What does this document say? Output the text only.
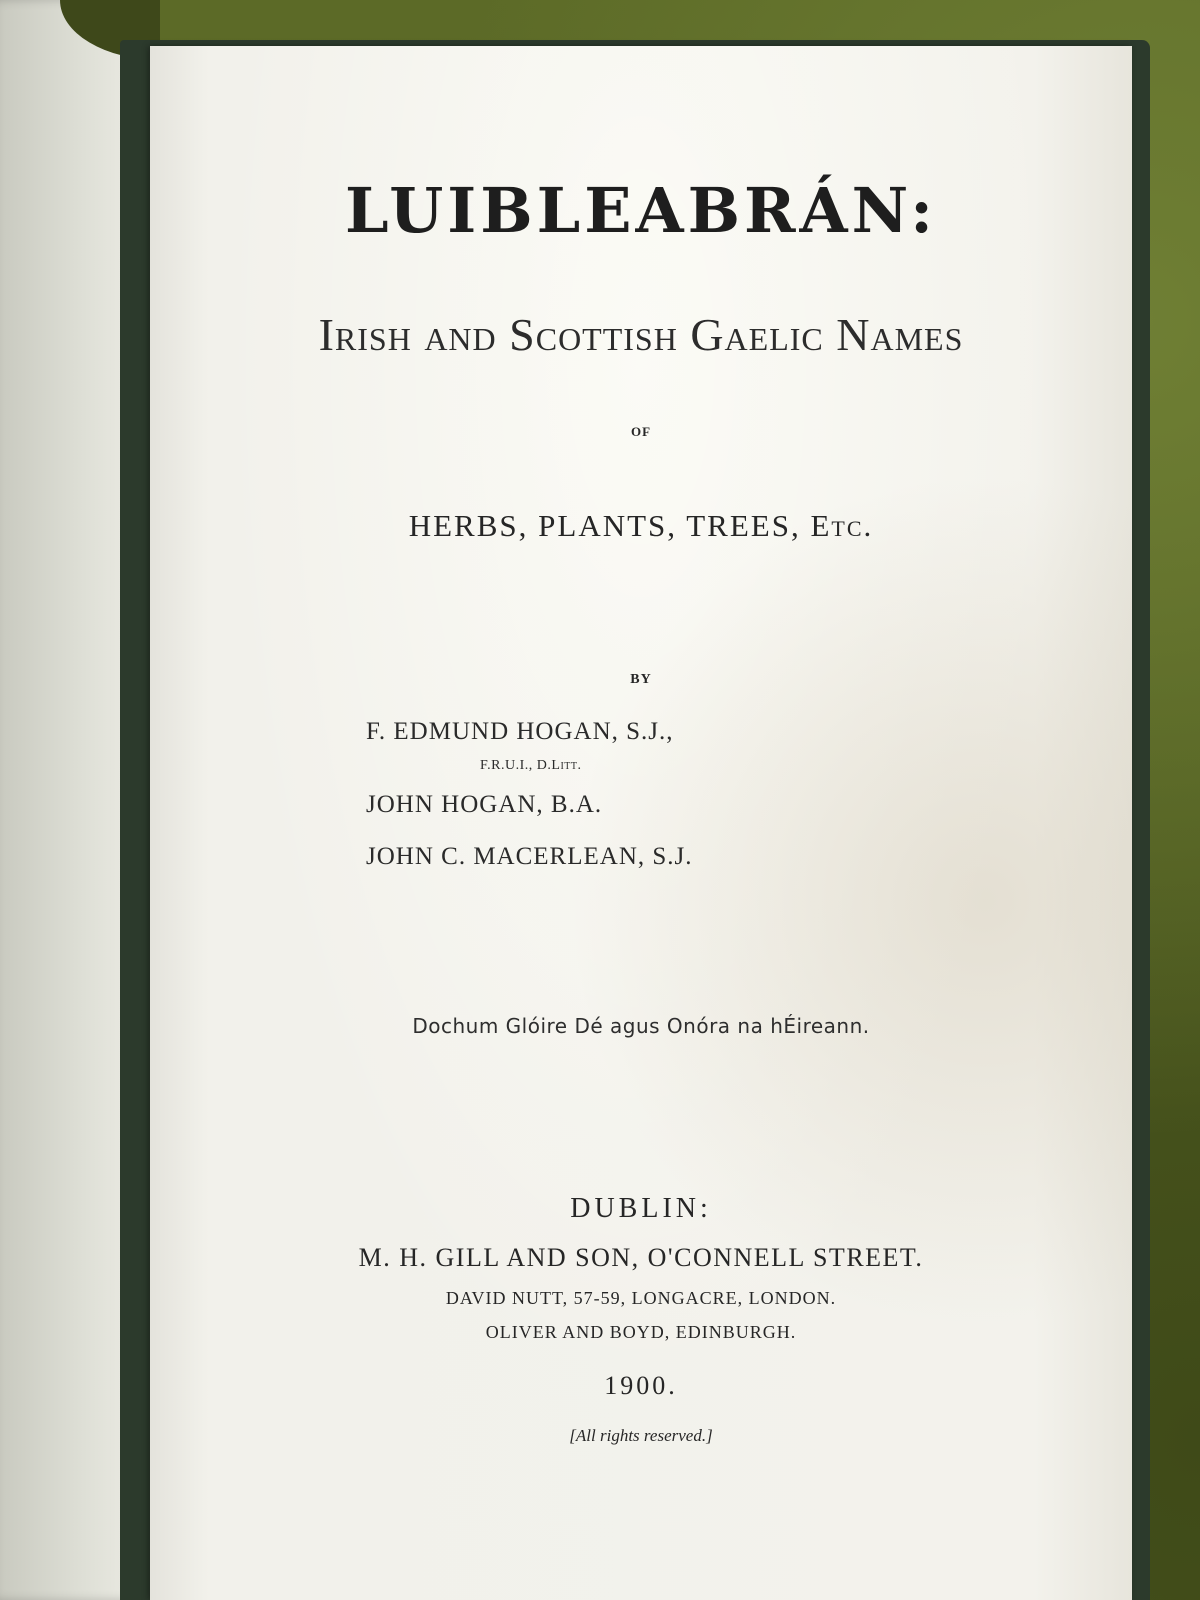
LUIBLEABRÁN:
Irish and Scottish Gaelic Names
OF
HERBS, PLANTS, TREES, Etc.
BY
F. EDMUND HOGAN, S.J.,
F.R.U.I., D.Litt.
JOHN HOGAN, B.A.
JOHN C. MACERLEAN, S.J.
Dochum Glóire Dé agus Onóra na hÉireann.
DUBLIN:
M. H. GILL AND SON, O'CONNELL STREET.
DAVID NUTT, 57-59, LONGACRE, LONDON.
OLIVER AND BOYD, EDINBURGH.
1900.
[All rights reserved.]
